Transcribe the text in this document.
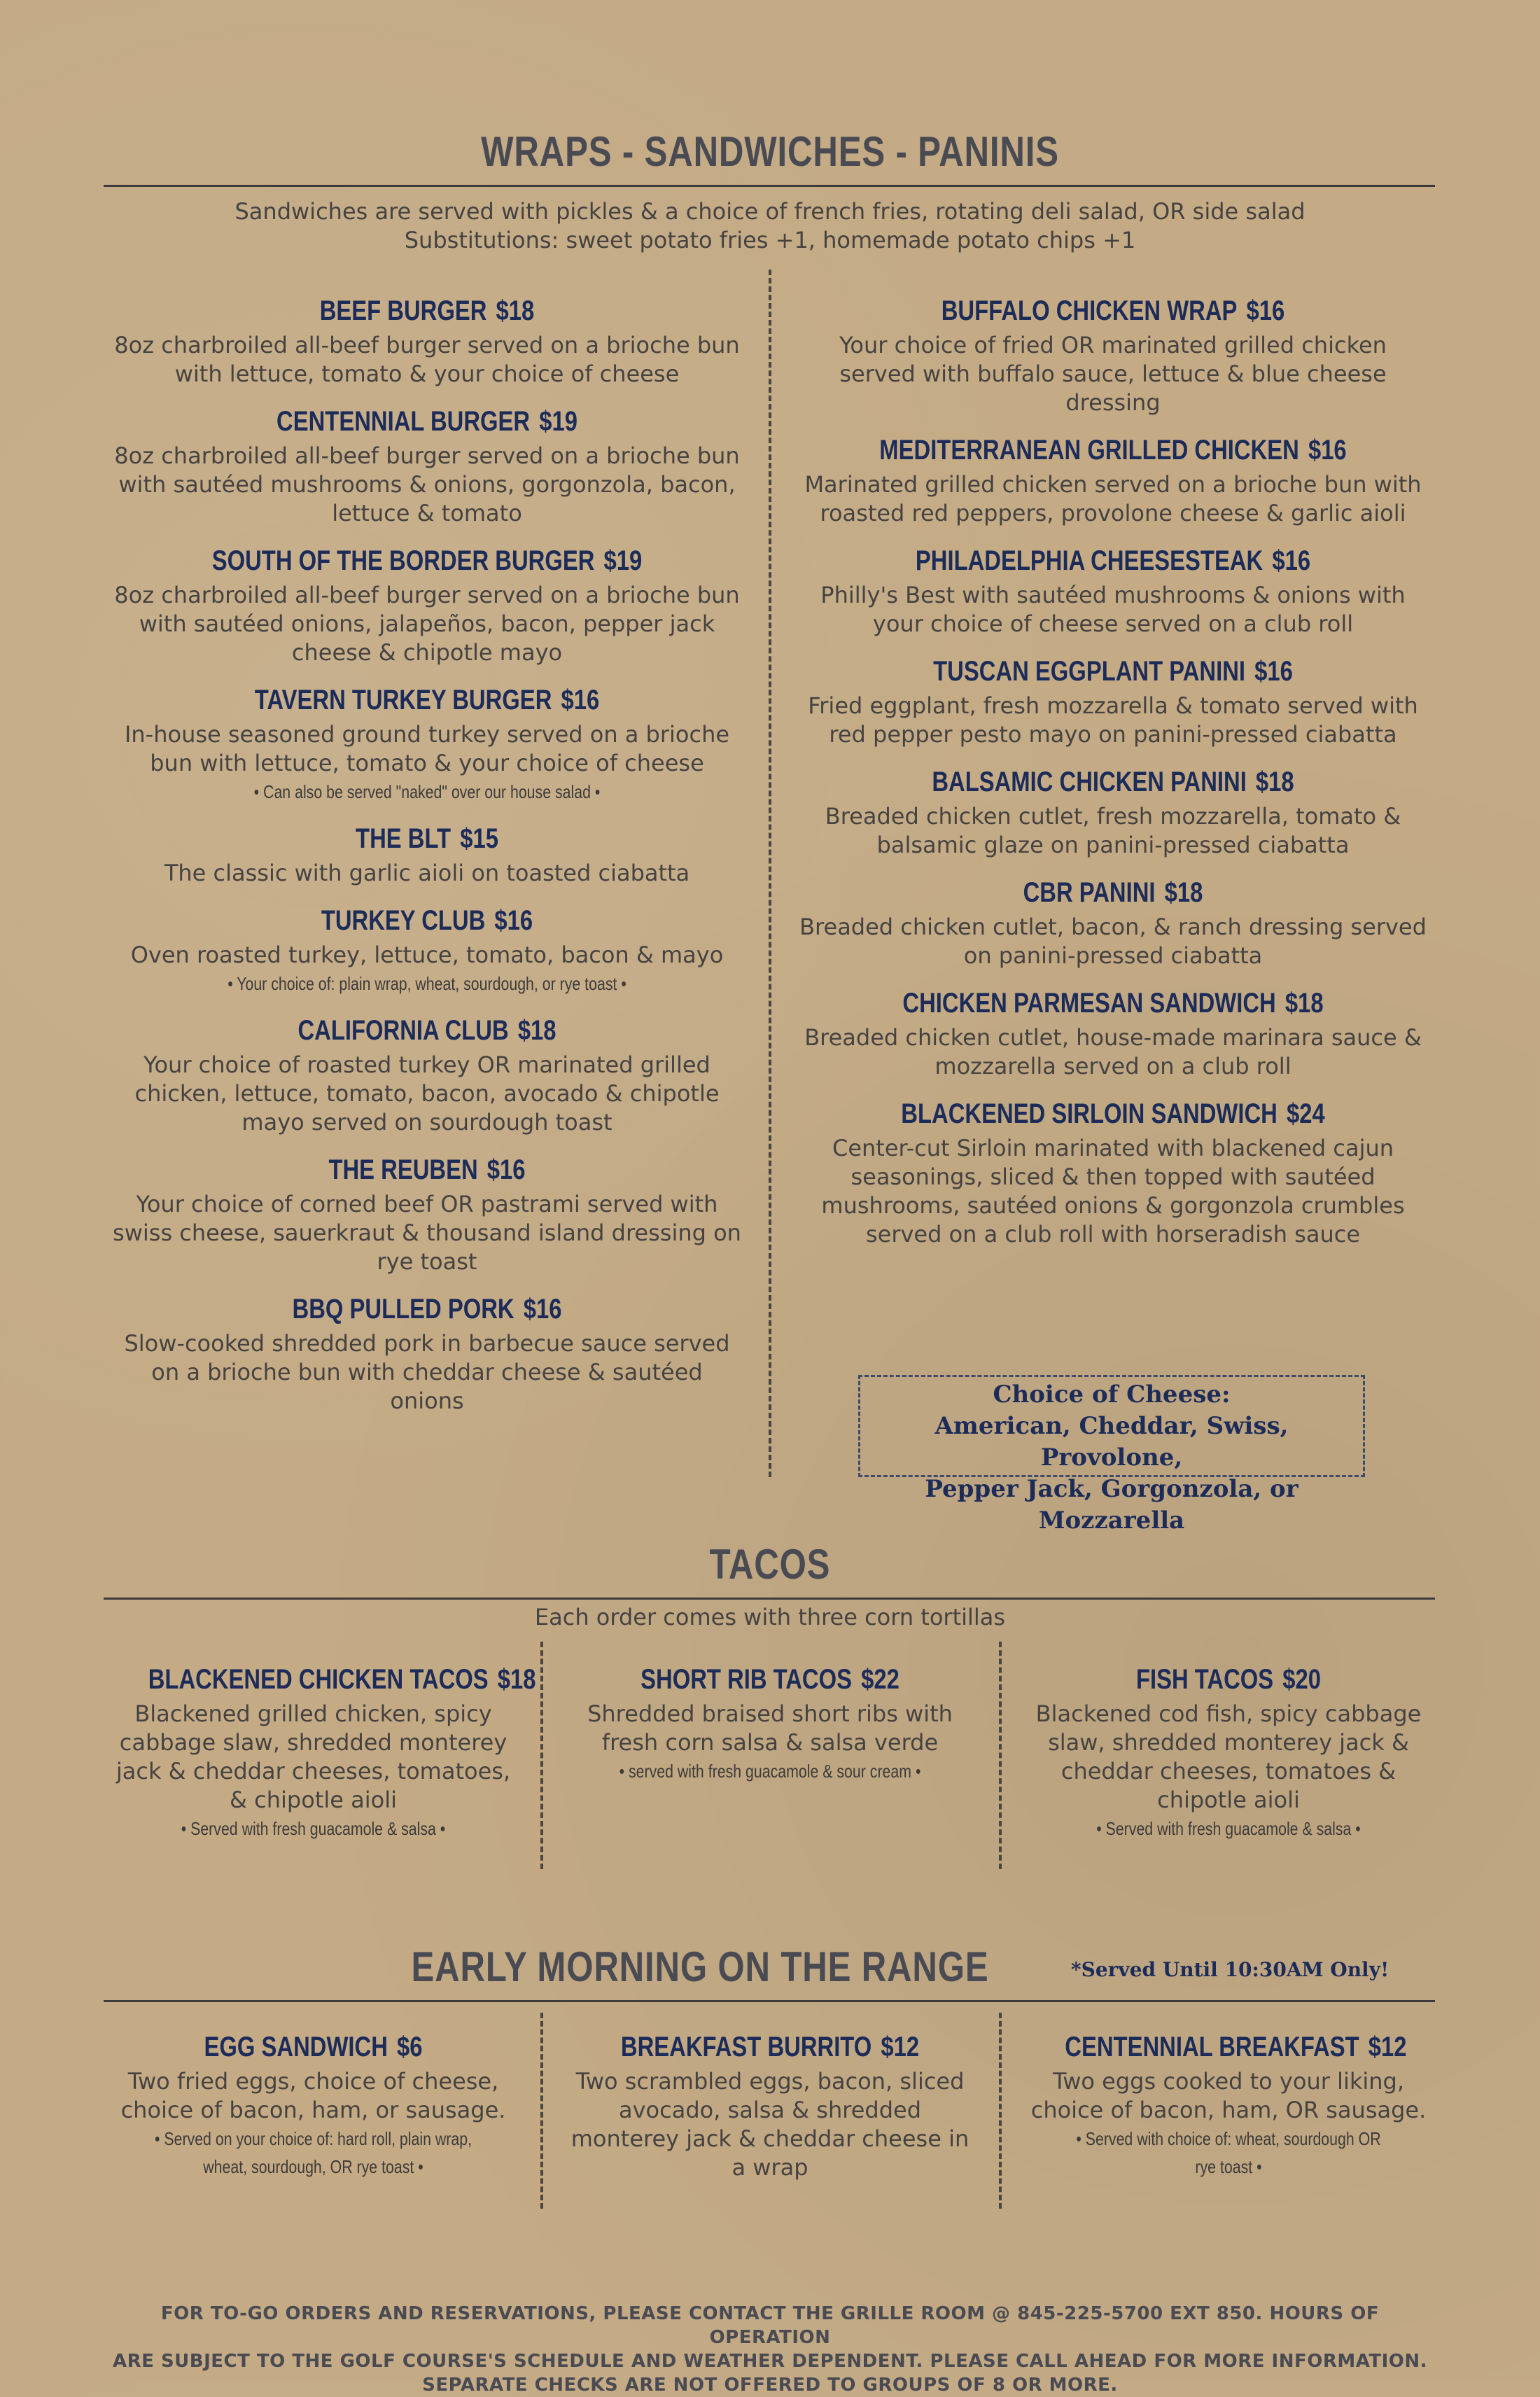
WRAPS - SANDWICHES - PANINIS
Sandwiches are served with pickles & a choice of french fries, rotating deli salad, OR side salad
Substitutions: sweet potato fries +1, homemade potato chips +1
BEEF BURGER $18
8oz charbroiled all-beef burger served on a brioche bun with lettuce, tomato & your choice of cheese
CENTENNIAL BURGER $19
8oz charbroiled all-beef burger served on a brioche bun with sautéed mushrooms & onions, gorgonzola, bacon, lettuce & tomato
SOUTH OF THE BORDER BURGER $19
8oz charbroiled all-beef burger served on a brioche bun with sautéed onions, jalapeños, bacon, pepper jack cheese & chipotle mayo
TAVERN TURKEY BURGER $16
In-house seasoned ground turkey served on a brioche bun with lettuce, tomato & your choice of cheese
• Can also be served "naked" over our house salad •
THE BLT $15
The classic with garlic aioli on toasted ciabatta
TURKEY CLUB $16
Oven roasted turkey, lettuce, tomato, bacon & mayo
• Your choice of: plain wrap, wheat, sourdough, or rye toast •
CALIFORNIA CLUB $18
Your choice of roasted turkey OR marinated grilled chicken, lettuce, tomato, bacon, avocado & chipotle mayo served on sourdough toast
THE REUBEN $16
Your choice of corned beef OR pastrami served with swiss cheese, sauerkraut & thousand island dressing on rye toast
BBQ PULLED PORK $16
Slow-cooked shredded pork in barbecue sauce served on a brioche bun with cheddar cheese & sautéed onions
BUFFALO CHICKEN WRAP $16
Your choice of fried OR marinated grilled chicken served with buffalo sauce, lettuce & blue cheese dressing
MEDITERRANEAN GRILLED CHICKEN $16
Marinated grilled chicken served on a brioche bun with roasted red peppers, provolone cheese & garlic aioli
PHILADELPHIA CHEESESTEAK $16
Philly's Best with sautéed mushrooms & onions with your choice of cheese served on a club roll
TUSCAN EGGPLANT PANINI $16
Fried eggplant, fresh mozzarella & tomato served with red pepper pesto mayo on panini-pressed ciabatta
BALSAMIC CHICKEN PANINI $18
Breaded chicken cutlet, fresh mozzarella, tomato & balsamic glaze on panini-pressed ciabatta
CBR PANINI $18
Breaded chicken cutlet, bacon, & ranch dressing served on panini-pressed ciabatta
CHICKEN PARMESAN SANDWICH $18
Breaded chicken cutlet, house-made marinara sauce & mozzarella served on a club roll
BLACKENED SIRLOIN SANDWICH $24
Center-cut Sirloin marinated with blackened cajun seasonings, sliced & then topped with sautéed mushrooms, sautéed onions & gorgonzola crumbles served on a club roll with horseradish sauce
Choice of Cheese:
American, Cheddar, Swiss, Provolone,
Pepper Jack, Gorgonzola, or Mozzarella
TACOS
Each order comes with three corn tortillas
BLACKENED CHICKEN TACOS $18
Blackened grilled chicken, spicy cabbage slaw, shredded monterey jack & cheddar cheeses, tomatoes, & chipotle aioli
• Served with fresh guacamole & salsa •
SHORT RIB TACOS $22
Shredded braised short ribs with fresh corn salsa & salsa verde
• served with fresh guacamole & sour cream •
FISH TACOS $20
Blackened cod fish, spicy cabbage slaw, shredded monterey jack & cheddar cheeses, tomatoes & chipotle aioli
• Served with fresh guacamole & salsa •
EARLY MORNING ON THE RANGE	*Served Until 10:30AM Only!
EGG SANDWICH $6
Two fried eggs, choice of cheese, choice of bacon, ham, or sausage.
• Served on your choice of: hard roll, plain wrap, wheat, sourdough, OR rye toast •
BREAKFAST BURRITO $12
Two scrambled eggs, bacon, sliced avocado, salsa & shredded monterey jack & cheddar cheese in a wrap
CENTENNIAL BREAKFAST $12
Two eggs cooked to your liking, choice of bacon, ham, OR sausage.
• Served with choice of: wheat, sourdough OR rye toast •
FOR TO-GO ORDERS AND RESERVATIONS, PLEASE CONTACT THE GRILLE ROOM @ 845-225-5700 EXT 850. HOURS OF OPERATION
ARE SUBJECT TO THE GOLF COURSE'S SCHEDULE AND WEATHER DEPENDENT. PLEASE CALL AHEAD FOR MORE INFORMATION.
SEPARATE CHECKS ARE NOT OFFERED TO GROUPS OF 8 OR MORE.
